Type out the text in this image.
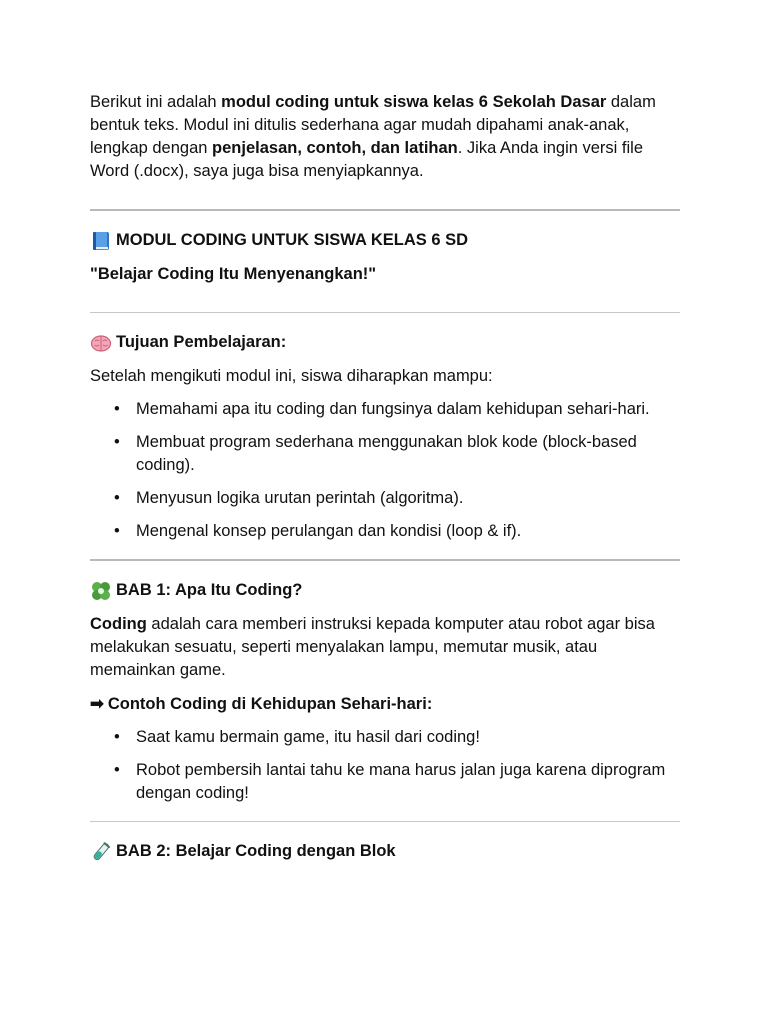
Berikut ini adalah modul coding untuk siswa kelas 6 Sekolah Dasar dalam bentuk teks. Modul ini ditulis sederhana agar mudah dipahami anak-anak, lengkap dengan penjelasan, contoh, dan latihan. Jika Anda ingin versi file Word (.docx), saya juga bisa menyiapkannya.

MODUL CODING UNTUK SISWA KELAS 6 SD

"Belajar Coding Itu Menyenangkan!"

Tujuan Pembelajaran:

Setelah mengikuti modul ini, siswa diharapkan mampu:

• Memahami apa itu coding dan fungsinya dalam kehidupan sehari-hari.
• Membuat program sederhana menggunakan blok kode (block-based coding).
• Menyusun logika urutan perintah (algoritma).
• Mengenal konsep perulangan dan kondisi (loop & if).
BAB 1: Apa Itu Coding?

Coding adalah cara memberi instruksi kepada komputer atau robot agar bisa melakukan sesuatu, seperti menyalakan lampu, memutar musik, atau memainkan game.

➡ Contoh Coding di Kehidupan Sehari-hari:

• Saat kamu bermain game, itu hasil dari coding!
• Robot pembersih lantai tahu ke mana harus jalan juga karena diprogram dengan coding!
BAB 2: Belajar Coding dengan Blok
